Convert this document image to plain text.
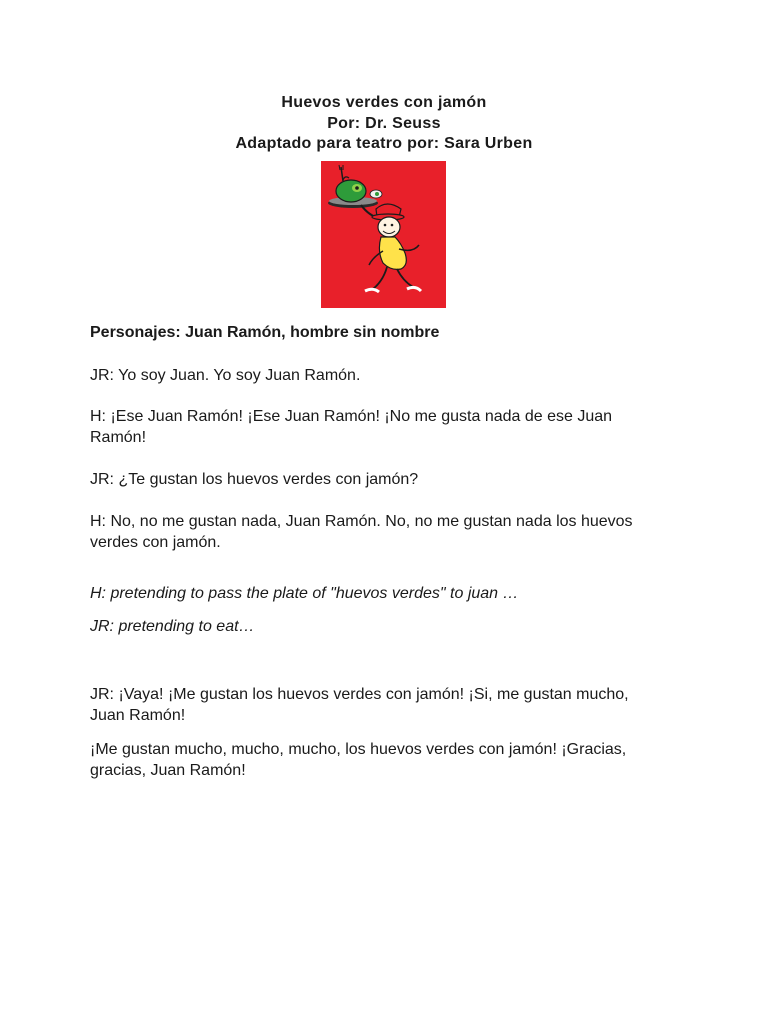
Huevos verdes con jamón
Por: Dr. Seuss
Adaptado para teatro por: Sara Urben
Personajes: Juan Ramón, hombre sin nombre
JR: Yo soy Juan. Yo soy Juan Ramón.
H: ¡Ese Juan Ramón! ¡Ese Juan Ramón! ¡No me gusta nada de ese Juan Ramón!
JR: ¿Te gustan los huevos verdes con jamón?
H: No, no me gustan nada, Juan Ramón. No, no me gustan nada los huevos verdes con jamón.
H: pretending to pass the plate of "huevos verdes" to juan …
JR: pretending to eat…
JR: ¡Vaya! ¡Me gustan los huevos verdes con jamón! ¡Si, me gustan mucho, Juan Ramón!
¡Me gustan mucho, mucho, mucho, los huevos verdes con jamón! ¡Gracias, gracias, Juan Ramón!
